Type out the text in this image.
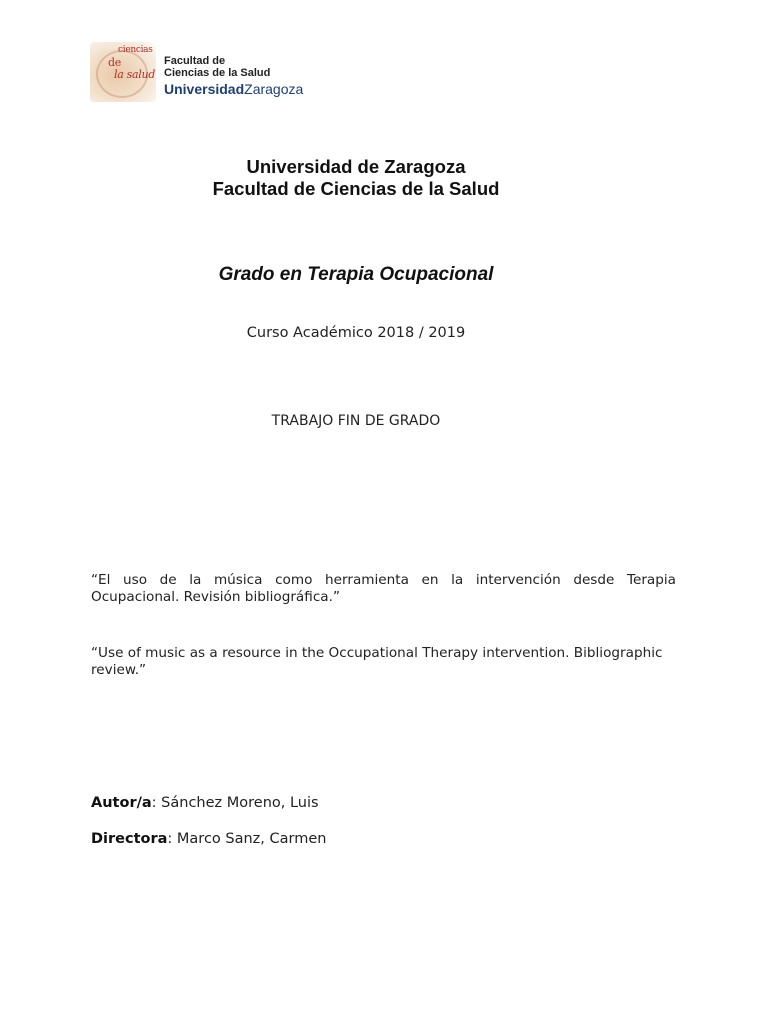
ciencias
de
la salud
Facultad de
Ciencias de la Salud
UniversidadZaragoza
Universidad de Zaragoza
Facultad de Ciencias de la Salud
Grado en Terapia Ocupacional
Curso Académico 2018 / 2019
TRABAJO FIN DE GRADO
“El uso de la música como herramienta en la intervención desde Terapia Ocupacional. Revisión bibliográfica.”
“Use of music as a resource in the Occupational Therapy intervention. Bibliographic review.”
Autor/a: Sánchez Moreno, Luis
Directora: Marco Sanz, Carmen
